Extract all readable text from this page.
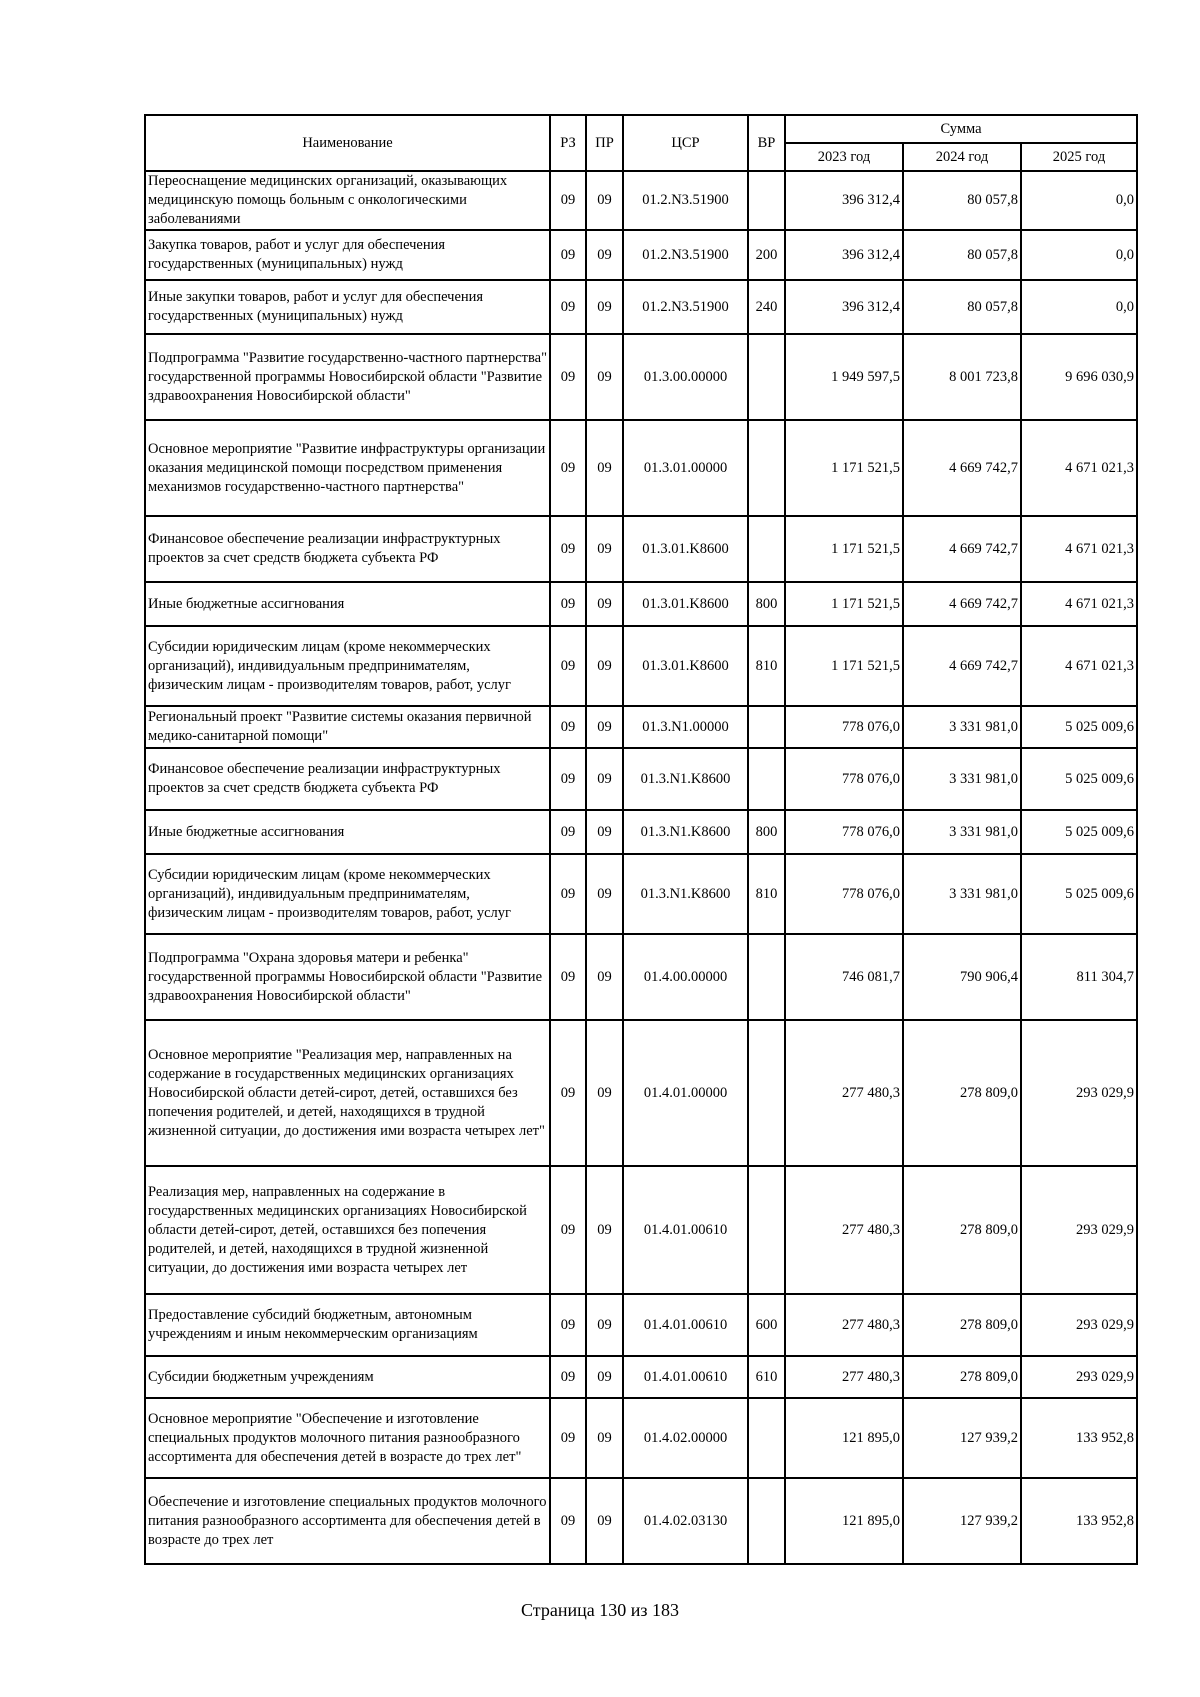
Наименование	РЗ	ПР	ЦСР	ВР	Сумма		
					2023 год	2024 год	2025 год
Переоснащение медицинских организаций, оказывающих медицинскую помощь больным с онкологическими заболеваниями	09	09	01.2.N3.51900		396 312,4	80 057,8	0,0
Закупка товаров, работ и услуг для обеспечения государственных (муниципальных) нужд	09	09	01.2.N3.51900	200	396 312,4	80 057,8	0,0
Иные закупки товаров, работ и услуг для обеспечения государственных (муниципальных) нужд	09	09	01.2.N3.51900	240	396 312,4	80 057,8	0,0
Подпрограмма "Развитие государственно-частного партнерства" государственной программы Новосибирской области "Развитие здравоохранения Новосибирской области"	09	09	01.3.00.00000		1 949 597,5	8 001 723,8	9 696 030,9
Основное мероприятие "Развитие инфраструктуры организации оказания медицинской помощи посредством применения механизмов государственно-частного партнерства"	09	09	01.3.01.00000		1 171 521,5	4 669 742,7	4 671 021,3
Финансовое обеспечение реализации инфраструктурных проектов за счет средств бюджета субъекта РФ	09	09	01.3.01.K8600		1 171 521,5	4 669 742,7	4 671 021,3
Иные бюджетные ассигнования	09	09	01.3.01.K8600	800	1 171 521,5	4 669 742,7	4 671 021,3
Субсидии юридическим лицам (кроме некоммерческих организаций), индивидуальным предпринимателям, физическим лицам - производителям товаров, работ, услуг	09	09	01.3.01.K8600	810	1 171 521,5	4 669 742,7	4 671 021,3
Региональный проект "Развитие системы оказания первичной медико-санитарной помощи"	09	09	01.3.N1.00000		778 076,0	3 331 981,0	5 025 009,6
Финансовое обеспечение реализации инфраструктурных проектов за счет средств бюджета субъекта РФ	09	09	01.3.N1.K8600		778 076,0	3 331 981,0	5 025 009,6
Иные бюджетные ассигнования	09	09	01.3.N1.K8600	800	778 076,0	3 331 981,0	5 025 009,6
Субсидии юридическим лицам (кроме некоммерческих организаций), индивидуальным предпринимателям, физическим лицам - производителям товаров, работ, услуг	09	09	01.3.N1.K8600	810	778 076,0	3 331 981,0	5 025 009,6
Подпрограмма "Охрана здоровья матери и ребенка" государственной программы Новосибирской области "Развитие здравоохранения Новосибирской области"	09	09	01.4.00.00000		746 081,7	790 906,4	811 304,7
Основное мероприятие "Реализация мер, направленных на содержание в государственных медицинских организациях Новосибирской области детей-сирот, детей, оставшихся без попечения родителей, и детей, находящихся в трудной жизненной ситуации, до достижения ими возраста четырех лет"	09	09	01.4.01.00000		277 480,3	278 809,0	293 029,9
Реализация мер, направленных на содержание в государственных медицинских организациях Новосибирской области детей-сирот, детей, оставшихся без попечения родителей, и детей, находящихся в трудной жизненной ситуации, до достижения ими возраста четырех лет	09	09	01.4.01.00610		277 480,3	278 809,0	293 029,9
Предоставление субсидий бюджетным, автономным учреждениям и иным некоммерческим организациям	09	09	01.4.01.00610	600	277 480,3	278 809,0	293 029,9
Субсидии бюджетным учреждениям	09	09	01.4.01.00610	610	277 480,3	278 809,0	293 029,9
Основное мероприятие "Обеспечение и изготовление специальных продуктов молочного питания разнообразного ассортимента для обеспечения детей в возрасте до трех лет"	09	09	01.4.02.00000		121 895,0	127 939,2	133 952,8
Обеспечение и изготовление специальных продуктов молочного питания разнообразного ассортимента для обеспечения детей в возрасте до трех лет	09	09	01.4.02.03130		121 895,0	127 939,2	133 952,8
Страница 130 из 183
